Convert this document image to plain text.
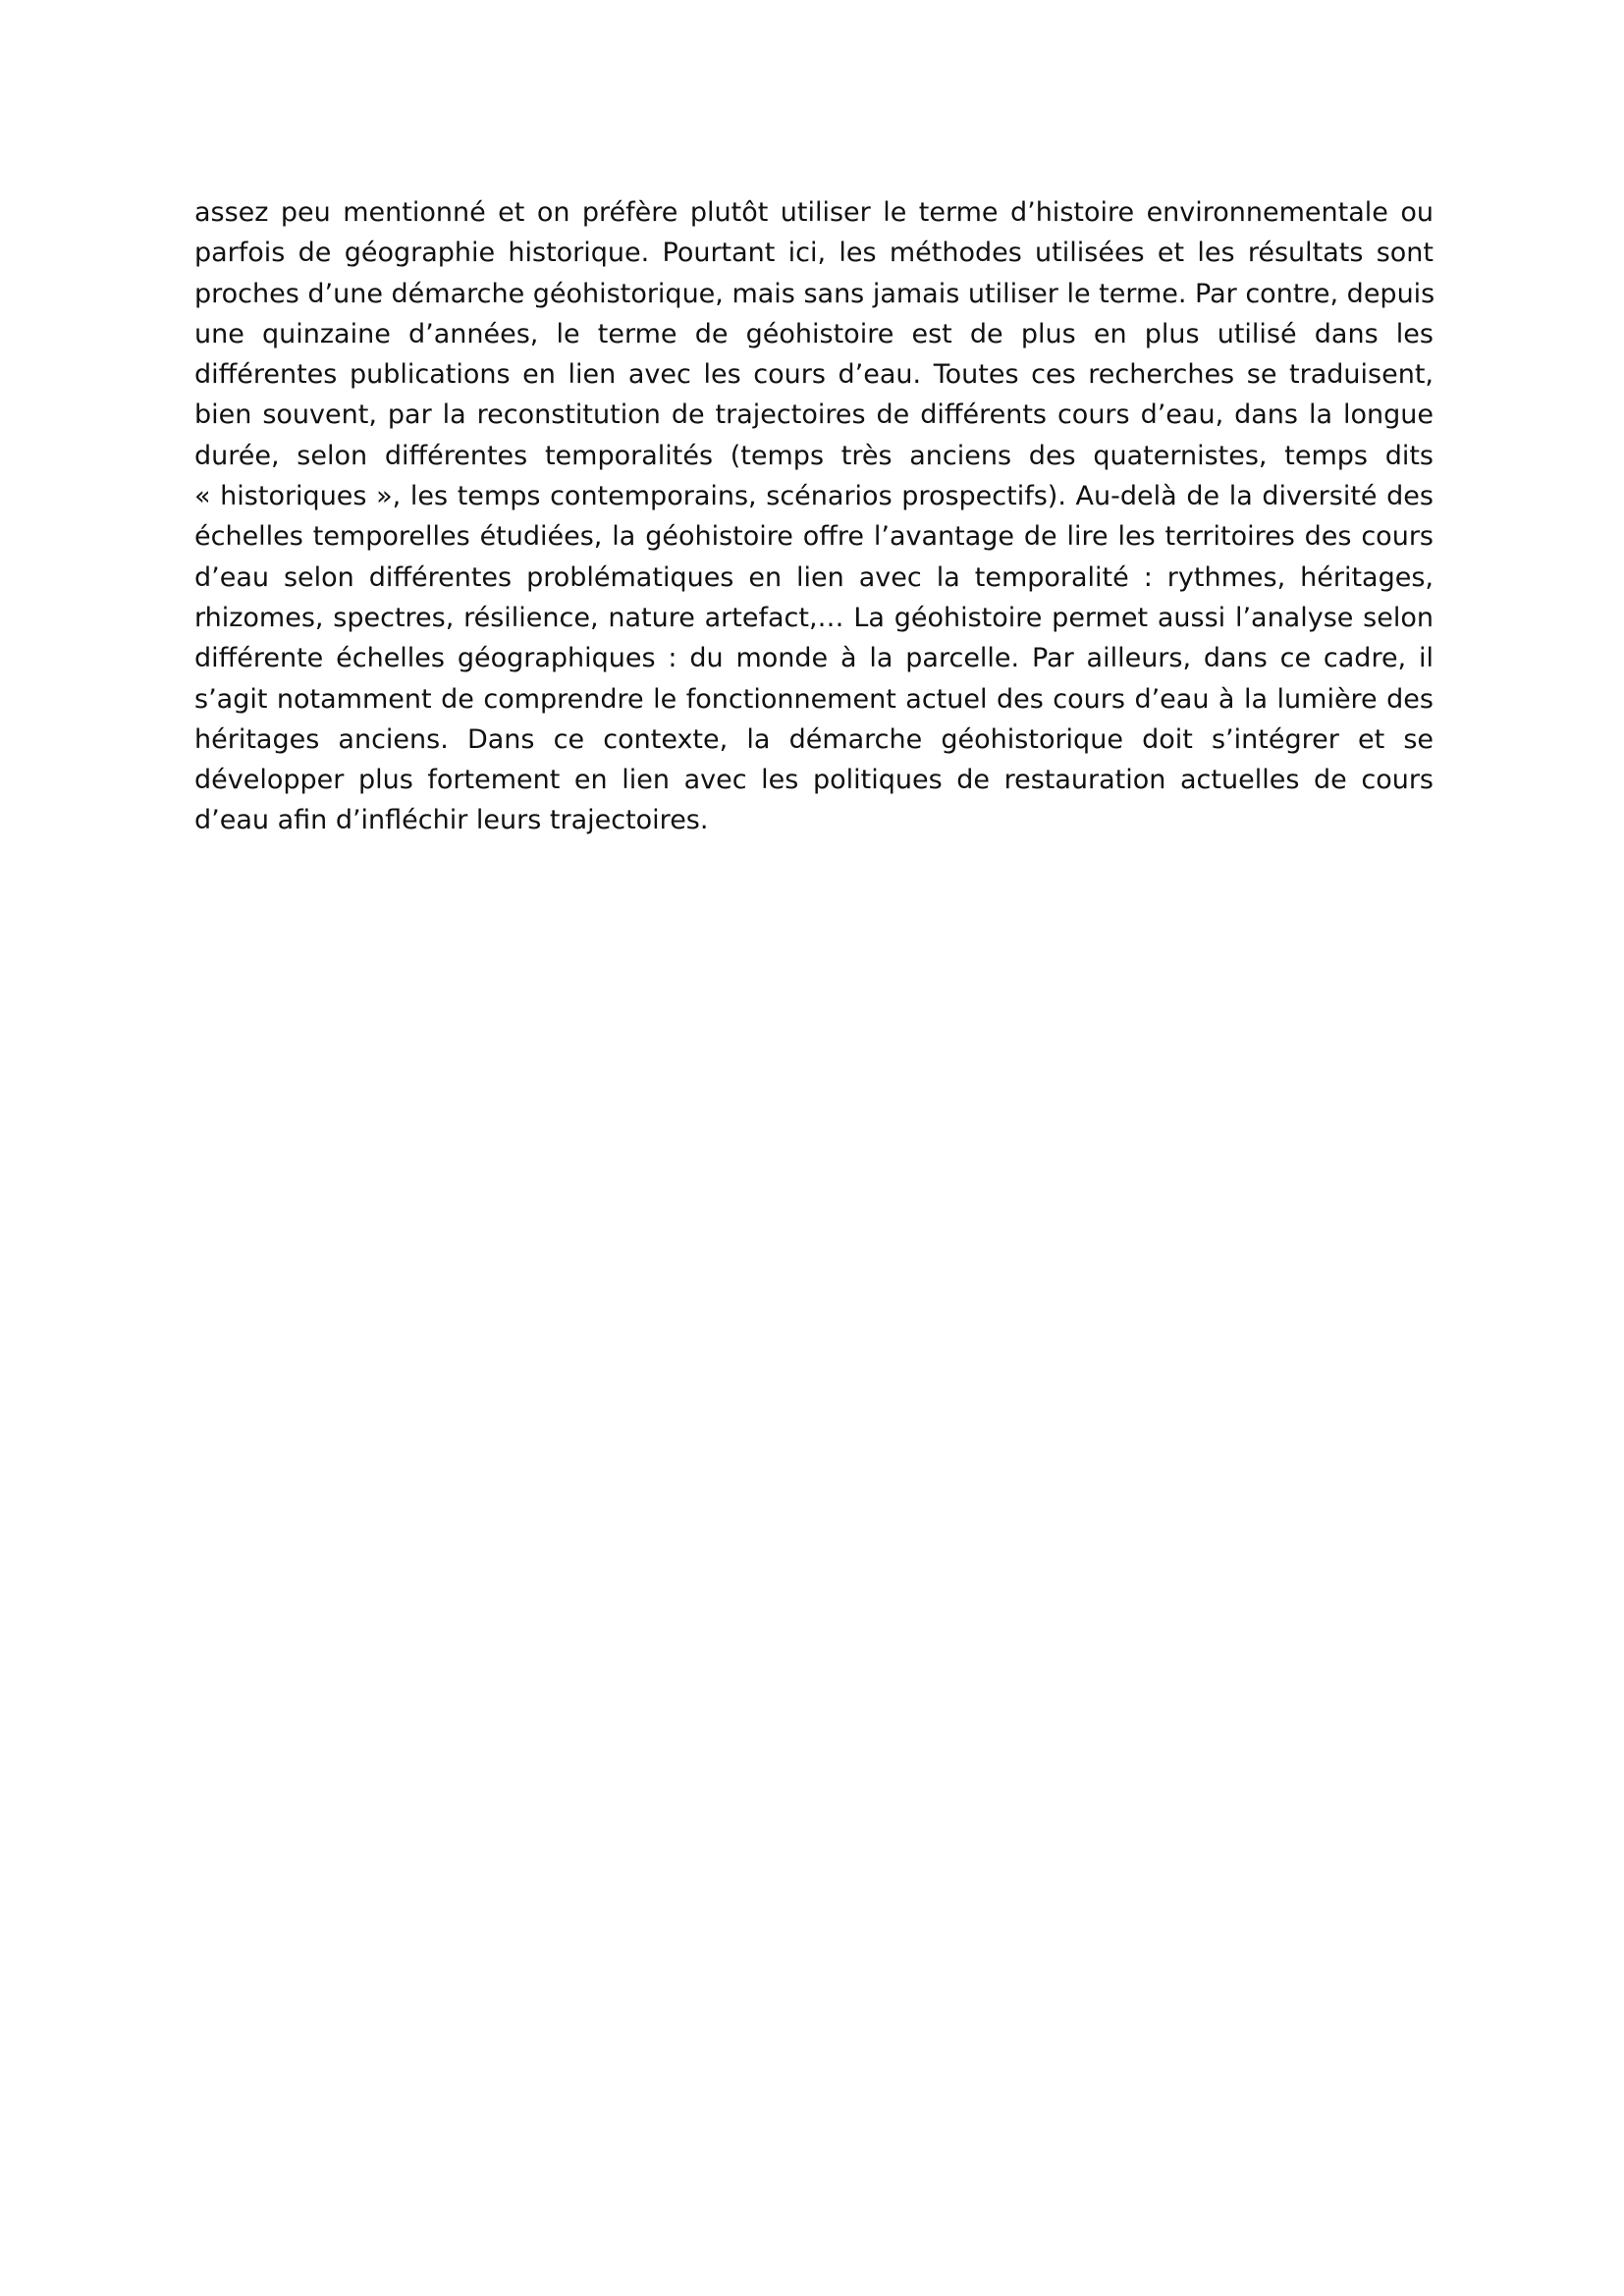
assez peu mentionné et on préfère plutôt utiliser le terme d’histoire environnementale ou
parfois de géographie historique. Pourtant ici, les méthodes utilisées et les résultats sont
proches d’une démarche géohistorique, mais sans jamais utiliser le terme. Par contre, depuis
une quinzaine d’années, le terme de géohistoire est de plus en plus utilisé dans les
différentes publications en lien avec les cours d’eau. Toutes ces recherches se traduisent,
bien souvent, par la reconstitution de trajectoires de différents cours d’eau, dans la longue
durée, selon différentes temporalités (temps très anciens des quaternistes, temps dits
« historiques », les temps contemporains, scénarios prospectifs). Au-delà de la diversité des
échelles temporelles étudiées, la géohistoire offre l’avantage de lire les territoires des cours
d’eau selon différentes problématiques en lien avec la temporalité : rythmes, héritages,
rhizomes, spectres, résilience, nature artefact,… La géohistoire permet aussi l’analyse selon
différente échelles géographiques : du monde à la parcelle. Par ailleurs, dans ce cadre, il
s’agit notamment de comprendre le fonctionnement actuel des cours d’eau à la lumière des
héritages anciens. Dans ce contexte, la démarche géohistorique doit s’intégrer et se
développer plus fortement en lien avec les politiques de restauration actuelles de cours
d’eau afin d’infléchir leurs trajectoires.
